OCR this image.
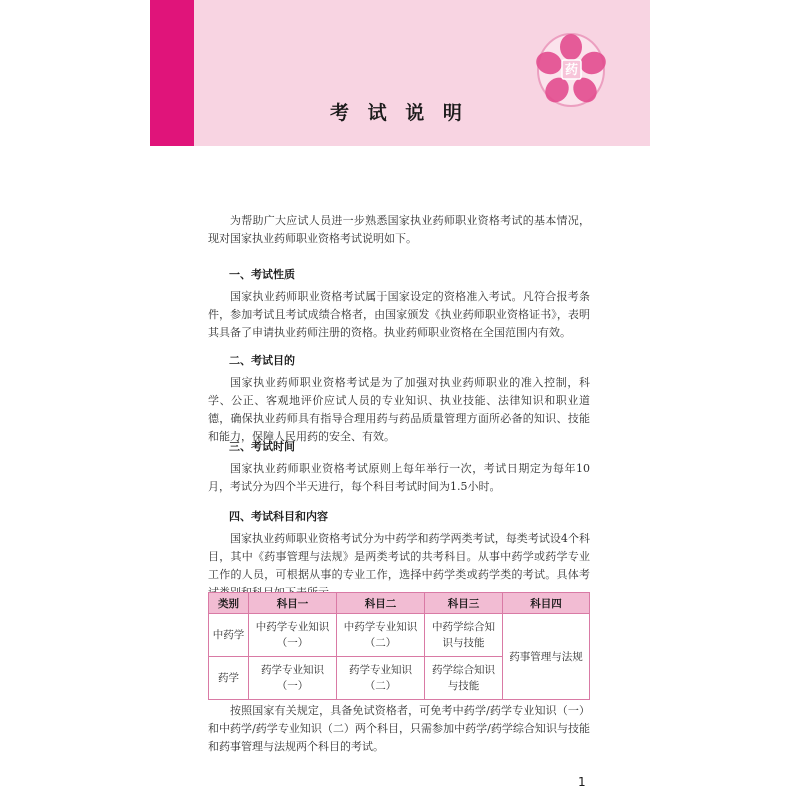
药
考 试 说 明

为帮助广大应试人员进一步熟悉国家执业药师职业资格考试的基本情况，现对国家执业药师职业资格考试说明如下。

一、考试性质

国家执业药师职业资格考试属于国家设定的资格准入考试。凡符合报考条件，参加考试且考试成绩合格者，由国家颁发《执业药师职业资格证书》，表明其具备了申请执业药师注册的资格。执业药师职业资格在全国范围内有效。

二、考试目的

国家执业药师职业资格考试是为了加强对执业药师职业的准入控制，科学、公正、客观地评价应试人员的专业知识、执业技能、法律知识和职业道德，确保执业药师具有指导合理用药与药品质量管理方面所必备的知识、技能和能力，保障人民用药的安全、有效。

三、考试时间

国家执业药师职业资格考试原则上每年举行一次，考试日期定为每年10月，考试分为四个半天进行，每个科目考试时间为1.5小时。

四、考试科目和内容

国家执业药师职业资格考试分为中药学和药学两类考试，每类考试设4个科目，其中《药事管理与法规》是两类考试的共考科目。从事中药学或药学专业工作的人员，可根据从事的专业工作，选择中药学类或药学类的考试。具体考

类别	科目一	科目二	科目三	科目四
中药学	中药学专业知识（一）	中药学专业知识（二）	中药学综合知识与技能	药事管理与法规
药学	药学专业知识（一）	药学专业知识（二）	药学综合知识与技能	

按照国家有关规定，具备免试资格者，可免考中药学/药学专业知识（一）和中药学/药学专业知识（二）两个科目，只需参加中药学/药学综合知识与技能和药事管理与法规两个科目的考试。

1
